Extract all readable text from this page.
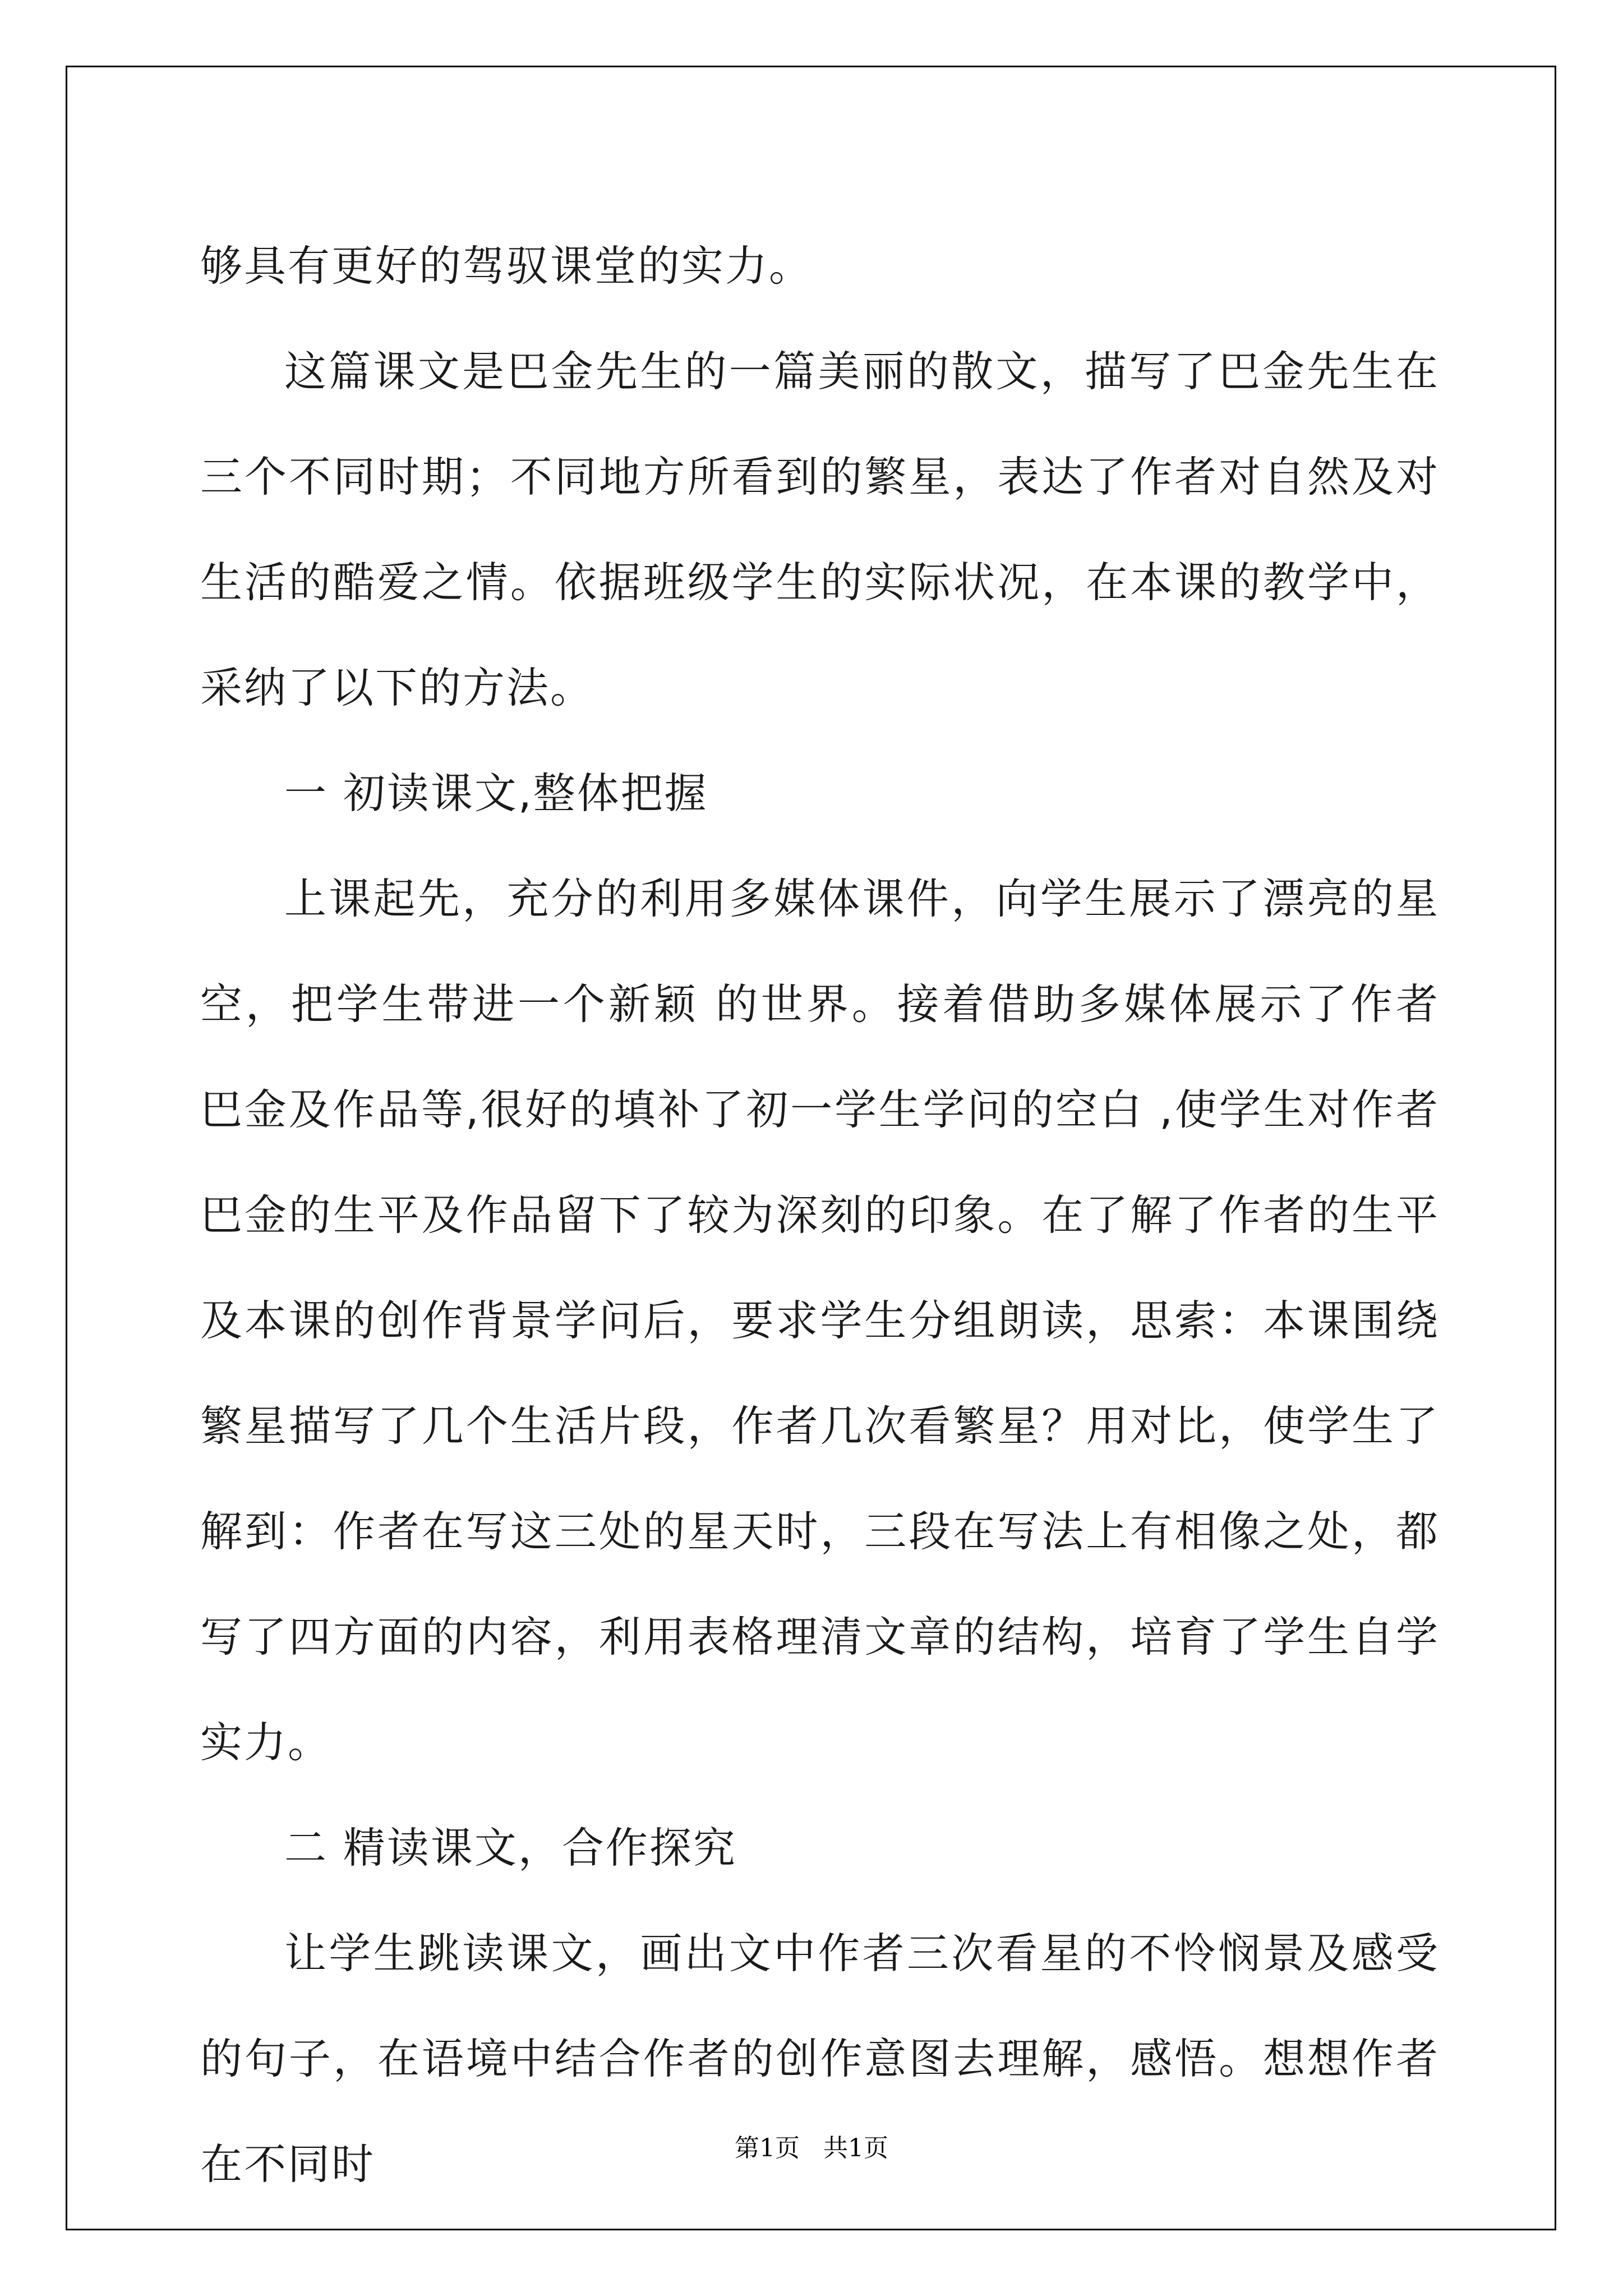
够具有更好的驾驭课堂的实力。

这篇课文是巴金先生的一篇美丽的散文，描写了巴金先生在三个不同时期；不同地方所看到的繁星，表达了作者对自然及对生活的酷爱之情。依据班级学生的实际状况，在本课的教学中，采纳了以下的方法。

一 初读课文,整体把握

上课起先，充分的利用多媒体课件，向学生展示了漂亮的星空，把学生带进一个新颖 的世界。接着借助多媒体展示了作者巴金及作品等,很好的填补了初一学生学问的空白 ,使学生对作者巴金的生平及作品留下了较为深刻的印象。在了解了作者的生平及本课的创作背景学问后，要求学生分组朗读，思索：本课围绕繁星描写了几个生活片段，作者几次看繁星？用对比，使学生了解到：作者在写这三处的星天时，三段在写法上有相像之处，都写了四方面的内容，利用表格理清文章的结构，培育了学生自学实力。

二 精读课文，合作探究

让学生跳读课文，画出文中作者三次看星的不怜悯景及感受的句子，在语境中结合作者的创作意图去理解，感悟。想想作者在不同时	第1页   共1页
